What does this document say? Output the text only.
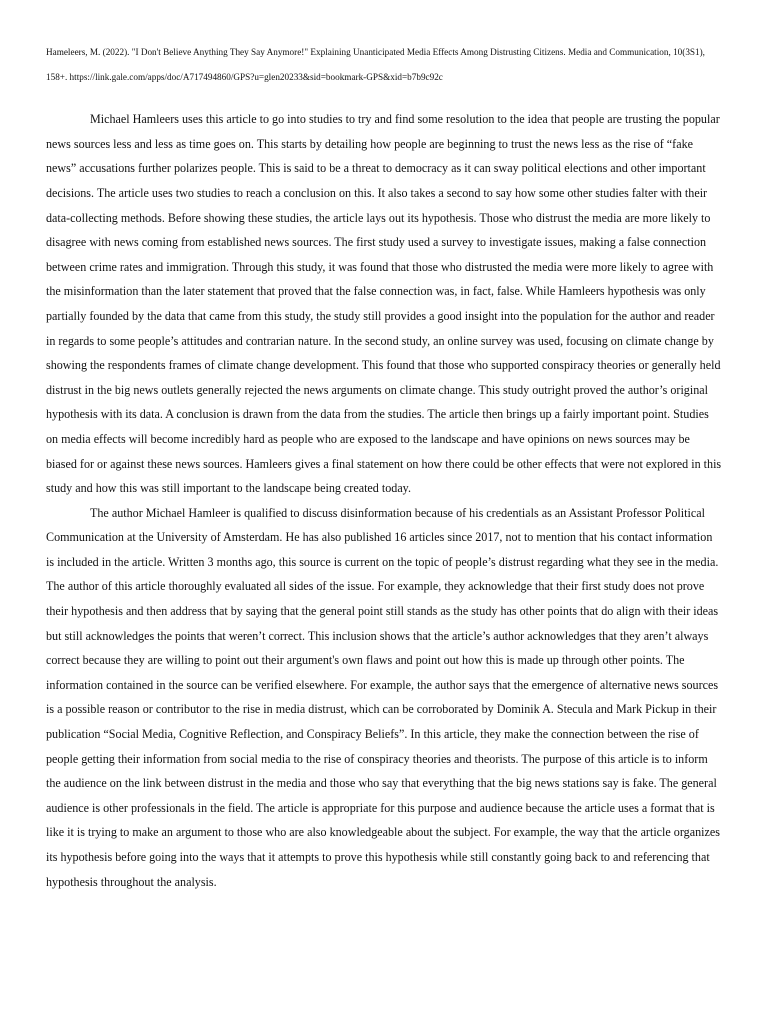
Hameleers, M. (2022). "I Don't Believe Anything They Say Anymore!" Explaining Unanticipated Media Effects Among Distrusting Citizens. Media and Communication, 10(3S1), 158+. https://link.gale.com/apps/doc/A717494860/GPS?u=glen20233&sid=bookmark-GPS&xid=b7b9c92c

Michael Hamleers uses this article to go into studies to try and find some resolution to the idea that people are trusting the popular news sources less and less as time goes on. This starts by detailing how people are beginning to trust the news less as the rise of “fake news” accusations further polarizes people. This is said to be a threat to democracy as it can sway political elections and other important decisions. The article uses two studies to reach a conclusion on this. It also takes a second to say how some other studies falter with their data-collecting methods. Before showing these studies, the article lays out its hypothesis. Those who distrust the media are more likely to disagree with news coming from established news sources. The first study used a survey to investigate issues, making a false connection between crime rates and immigration. Through this study, it was found that those who distrusted the media were more likely to agree with the misinformation than the later statement that proved that the false connection was, in fact, false. While Hamleers hypothesis was only partially founded by the data that came from this study, the study still provides a good insight into the population for the author and reader in regards to some people’s attitudes and contrarian nature. In the second study, an online survey was used, focusing on climate change by showing the respondents frames of climate change development. This found that those who supported conspiracy theories or generally held distrust in the big news outlets generally rejected the news arguments on climate change. This study outright proved the author’s original hypothesis with its data. A conclusion is drawn from the data from the studies. The article then brings up a fairly important point. Studies on media effects will become incredibly hard as people who are exposed to the landscape and have opinions on news sources may be biased for or against these news sources. Hamleers gives a final statement on how there could be other effects that were not explored in this study and how this was still important to the landscape being created today.

The author Michael Hamleer is qualified to discuss disinformation because of his credentials as an Assistant Professor Political Communication at the University of Amsterdam. He has also published 16 articles since 2017, not to mention that his contact information is included in the article. Written 3 months ago, this source is current on the topic of people’s distrust regarding what they see in the media. The author of this article thoroughly evaluated all sides of the issue. For example, they acknowledge that their first study does not prove their hypothesis and then address that by saying that the general point still stands as the study has other points that do align with their ideas but still acknowledges the points that weren’t correct. This inclusion shows that the article’s author acknowledges that they aren’t always correct because they are willing to point out their argument's own flaws and point out how this is made up through other points. The information contained in the source can be verified elsewhere. For example, the author says that the emergence of alternative news sources is a possible reason or contributor to the rise in media distrust, which can be corroborated by Dominik A. Stecula and Mark Pickup in their publication “Social Media, Cognitive Reflection, and Conspiracy Beliefs”. In this article, they make the connection between the rise of people getting their information from social media to the rise of conspiracy theories and theorists. The purpose of this article is to inform the audience on the link between distrust in the media and those who say that everything that the big news stations say is fake. The general audience is other professionals in the field. The article is appropriate for this purpose and audience because the article uses a format that is like it is trying to make an argument to those who are also knowledgeable about the subject. For example, the way that the article organizes its hypothesis before going into the ways that it attempts to prove this hypothesis while still constantly going back to and referencing that hypothesis throughout the analysis.
